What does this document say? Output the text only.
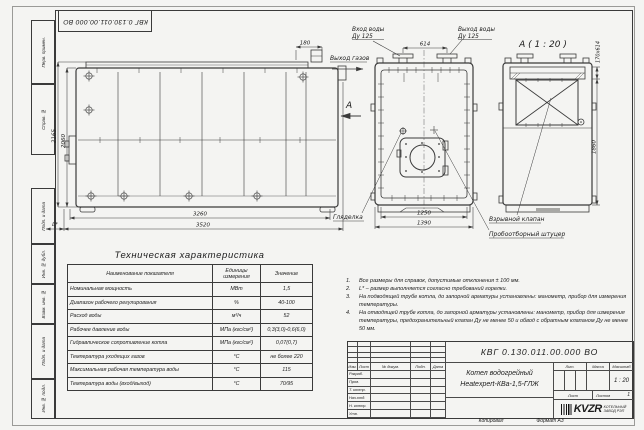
Перв. примен.
Справ. №
Подп. и дата
Инв. № дубл.
Взам. инв. №
Подп. и дата
Инв. № подл.
КВГ 0.130.011.00.000 ВО
2165 2060
180
3260
3520
L*
Выход газов
А
614
Вход воды
Ду 125
Выход воды
Ду 125
1250
1390
Гляделка
А ( 1 : 20 )	170х614
1860
Взрывной клапан
Пробоотборный штуцер
Техническая характеристика
Наименование показателя	Единицы измерения	Значение
Номинальная мощность	МВт	1,5
Диапазон рабочего регулирования	%	40-100
Расход воды	м³/ч	52
Рабочее давление воды	МПа (кгс/см²)	0,3(3,0)-0,6(6,0)
Гидравлическое сопротивление котла	МПа (кгс/см²)	0,07(0,7)
Температура уходящих газов	°С	не более 220
Максимальная рабочая температура воды	°С	115
Температура воды (вход/выход)	°С	70/95
1.	Все размеры для справок, допустимые отклонения ± 100 мм.
2.	L* – размер выполняется согласно требований горелки.
3.	На подводящей трубе котла, до запорной арматуры установлены: манометр, прибор для измерения температуры.
4.	На отводящей трубе котла, до запорной арматуры установлены: манометр, прибор для измерения температуры, предохранительный клапан Ду не менее 50 и обвод с обратным клапаном Ду не менее 50 мм.
Изм. Лист	№ докум.	Подп.	Дата
Разраб.
Пров.
Т. контр.
Нач.отд.
Н. контр.
Утв.
КВГ 0.130.011.00.000 ВО
Котел водогрейный
Heatexpert-КВа-1,5-ГЛЖ
Лит.	Масса	Масштаб
1 : 20
Лист	Листов	1
KVZR КОТЕЛЬНЫЙ
ЗАВОД РЭП
Копировал	Формат А3
